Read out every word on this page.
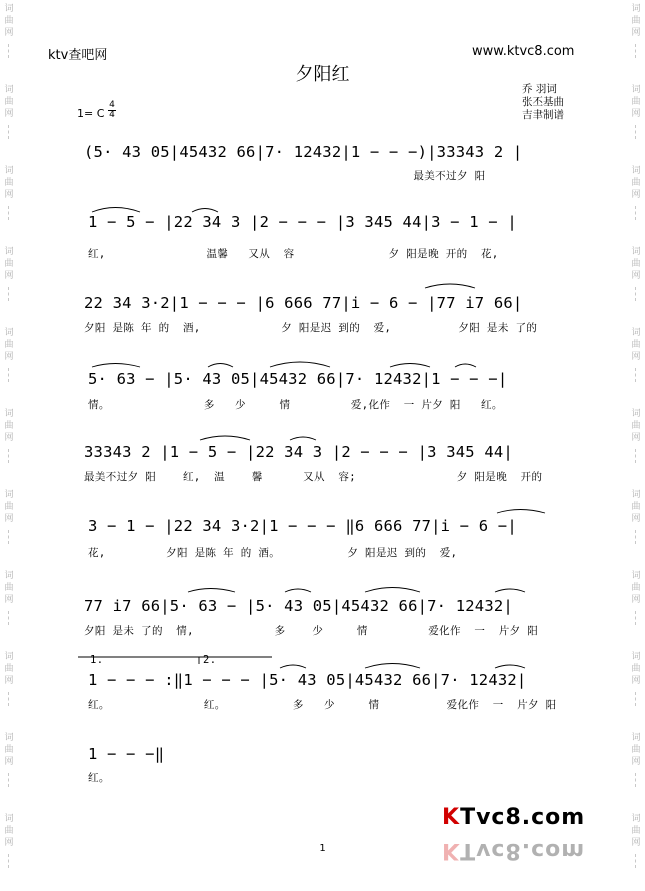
词
曲
网
词
曲
网
词
曲
网
词
曲
网
词
曲
网
词
曲
网
词
曲
网
词
曲
网
词
曲
网
词
曲
网
词
曲
网
词
曲
网
词
曲
网
词
曲
网
词
曲
网
词
曲
网
词
曲
网
词
曲
网
词
曲
网
词
曲
网
词
曲
网
词
曲
网
ktv查吧网	www.ktvc8.com
夕阳红
乔 羽词
张丕基曲
吉聿制谱
1= C
4
4
(5· 43 05|45432 66|7· 12432|1 − − −)|33343 2 |
最美不过夕 阳
1 − 5 − |22 34 3 |2 − − − |3 345 44|3 − 1 − |
红,               温馨   又从  容              夕 阳是晚 开的  花,
22 34 3·2|1 − − − |6 666 77|i − 6 − |77 i7 66|
夕阳 是陈 年 的  酒,            夕 阳是迟 到的  爱,          夕阳 是未 了的
5· 63 − |5· 43 05|45432 66|7· 12432|1 − − −|
情。              多   少     情         爱,化作  一 片夕 阳   红。
33343 2 |1 − 5 − |22 34 3 |2 − − − |3 345 44|
最美不过夕 阳    红,  温    馨      又从  容;               夕 阳是晚  开的
3 − 1 − |22 34 3·2|1 − − − ‖6 666 77|i − 6 −|
花,         夕阳 是陈 年 的 酒。          夕 阳是迟 到的  爱,
77 i7 66|5· 63 − |5· 43 05|45432 66|7· 12432|
夕阳 是未 了的  情,            多    少     情         爱化作  一  片夕 阳
1.	2.
1 − − − :‖1 − − − |5· 43 05|45432 66|7· 12432|
红。              红。          多   少     情          爱化作  一  片夕 阳
1 − − −‖
红。
1
KTvc8.com
KTvc8.com
